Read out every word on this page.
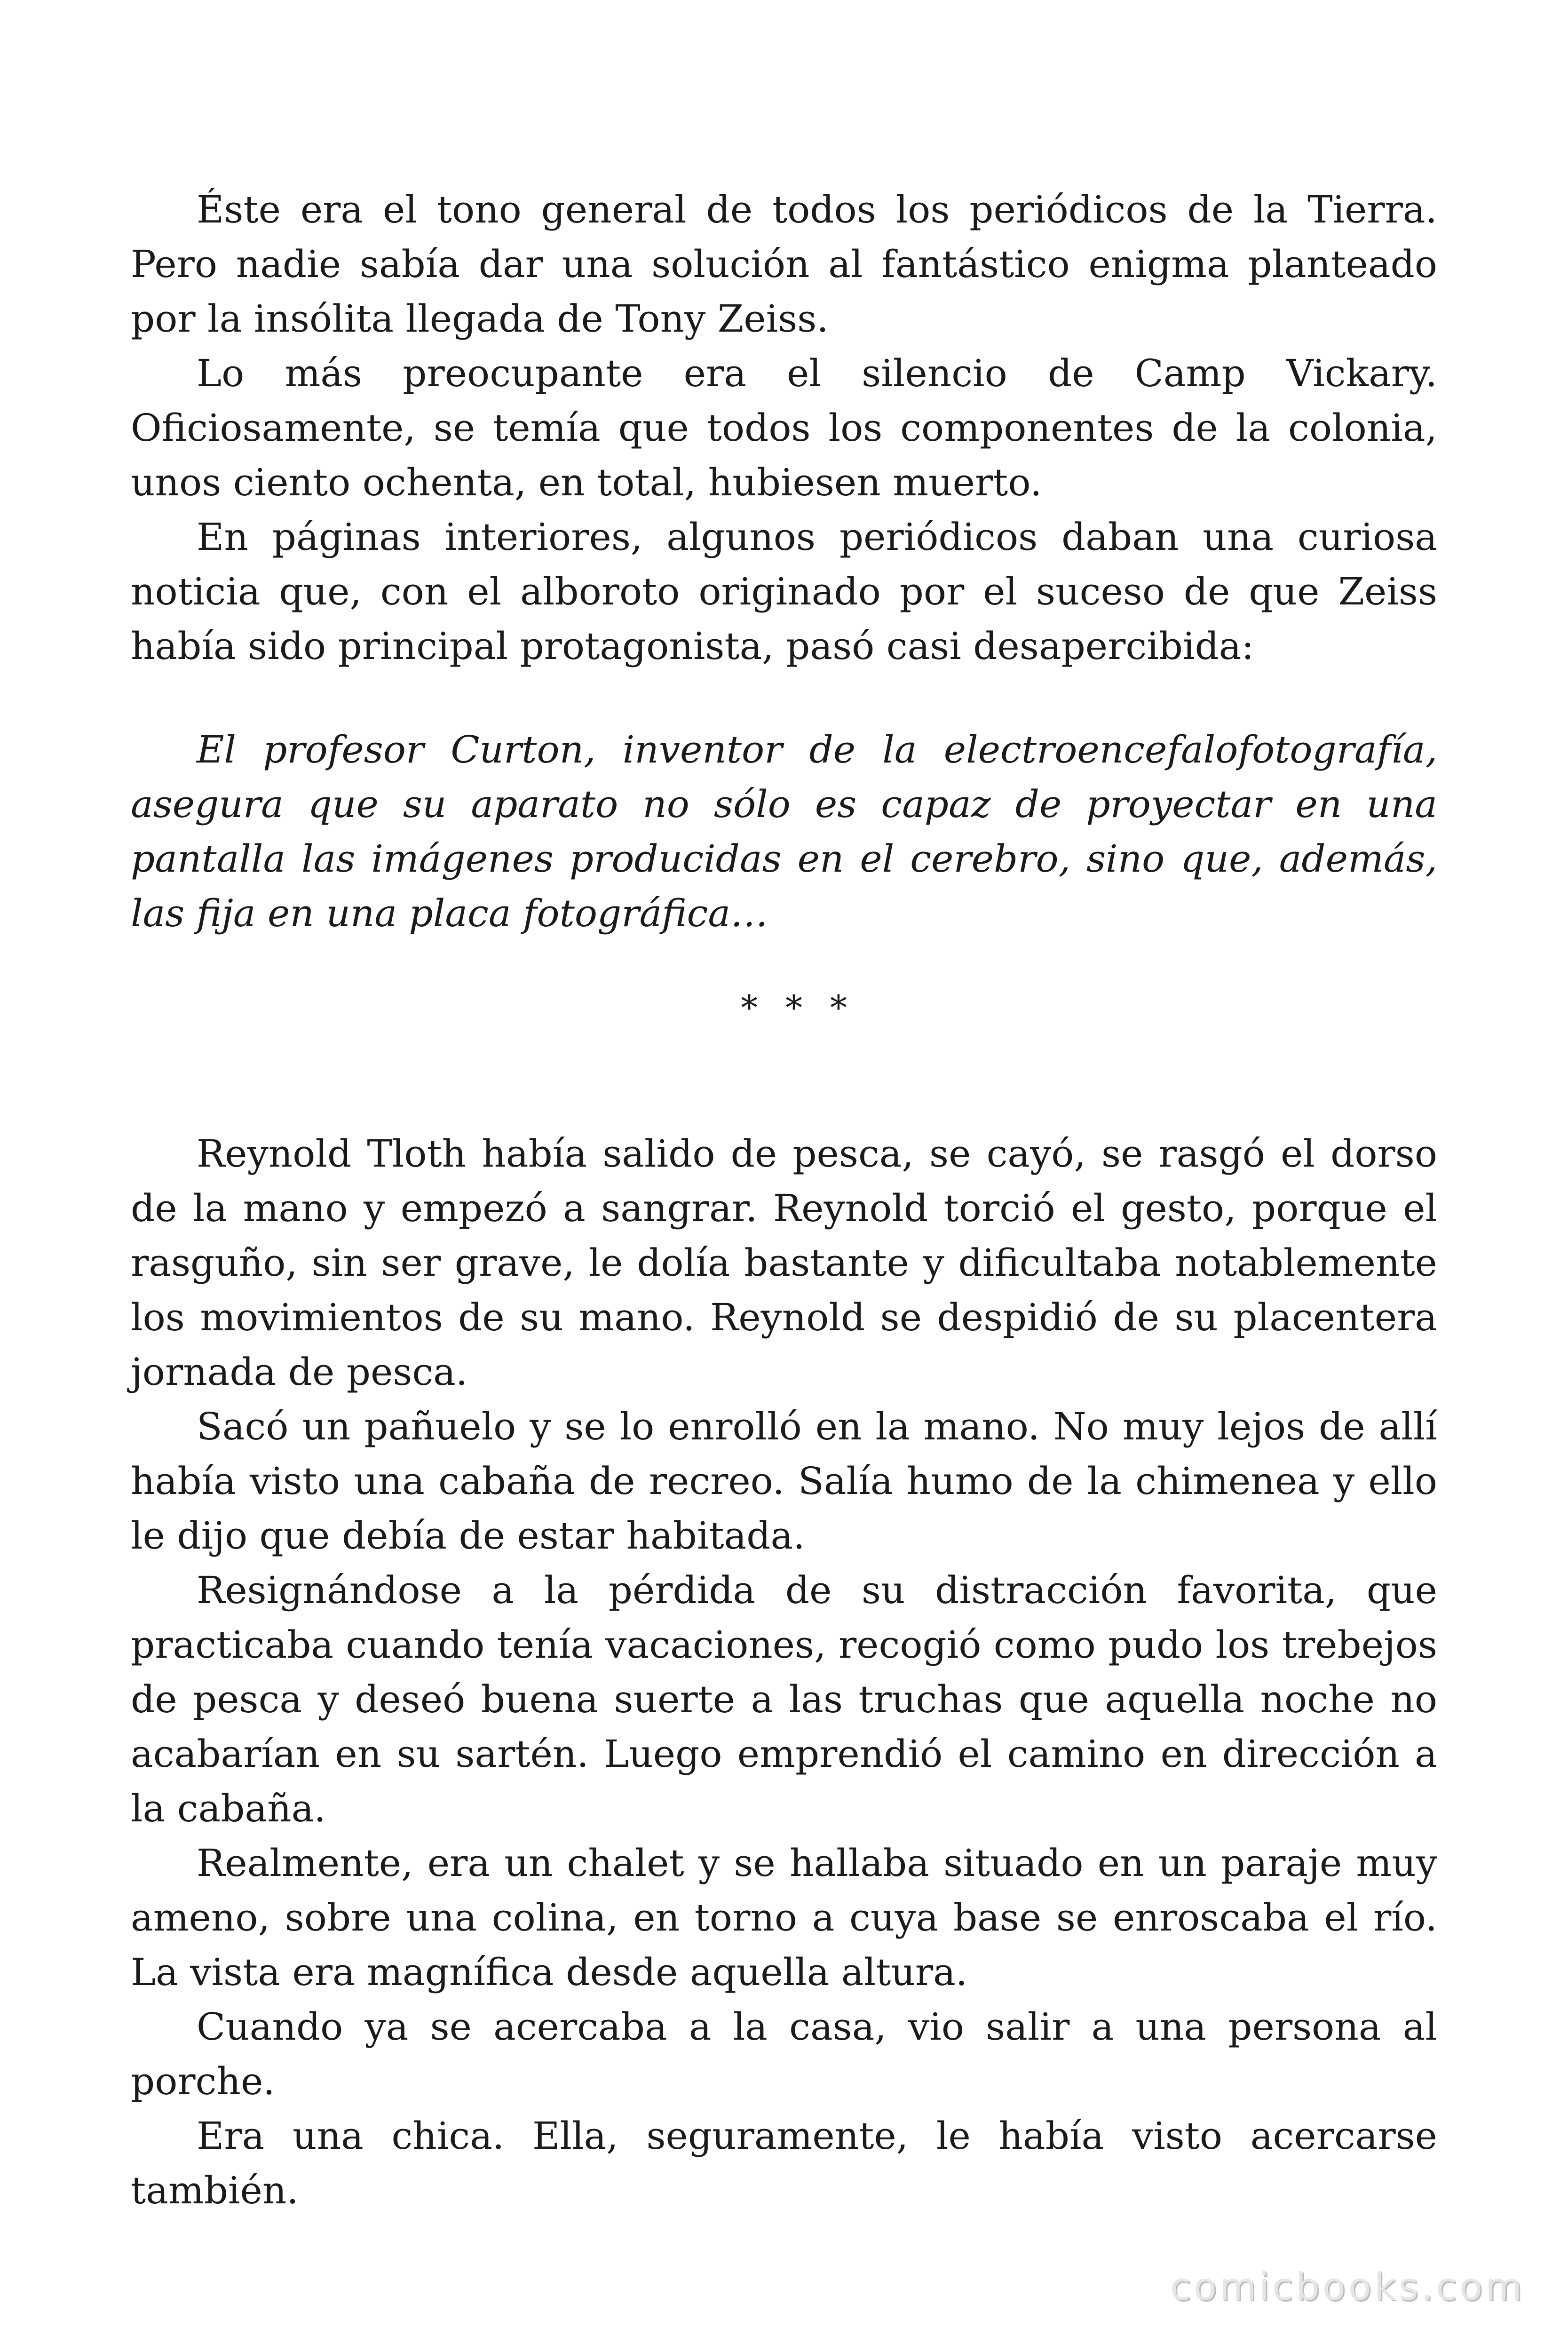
Éste era el tono general de todos los periódicos de la Tierra. Pero nadie sabía dar una solución al fantástico enigma planteado por la insólita llegada de Tony Zeiss.

Lo más preocupante era el silencio de Camp Vickary. Oficiosamente, se temía que todos los componentes de la colonia, unos ciento ochenta, en total, hubiesen muerto.

En páginas interiores, algunos periódicos daban una curiosa noticia que, con el alboroto originado por el suceso de que Zeiss había sido principal protagonista, pasó casi desapercibida:

El profesor Curton, inventor de la electroencefalofotografía, asegura que su aparato no sólo es capaz de proyectar en una pantalla las imágenes producidas en el cerebro, sino que, además, las fija en una placa fotográfica…

* * *

Reynold Tloth había salido de pesca, se cayó, se rasgó el dorso de la mano y empezó a sangrar. Reynold torció el gesto, porque el rasguño, sin ser grave, le dolía bastante y dificultaba notablemente los movimientos de su mano. Reynold se despidió de su placentera jornada de pesca.

Sacó un pañuelo y se lo enrolló en la mano. No muy lejos de allí había visto una cabaña de recreo. Salía humo de la chimenea y ello le dijo que debía de estar habitada.

Resignándose a la pérdida de su distracción favorita, que practicaba cuando tenía vacaciones, recogió como pudo los trebejos de pesca y deseó buena suerte a las truchas que aquella noche no acabarían en su sartén. Luego emprendió el camino en dirección a la cabaña.

Realmente, era un chalet y se hallaba situado en un paraje muy ameno, sobre una colina, en torno a cuya base se enroscaba el río. La vista era magnífica desde aquella altura.

Cuando ya se acercaba a la casa, vio salir a una persona al porche.

Era una chica. Ella, seguramente, le había visto acercarse también.

comicbooks.com
